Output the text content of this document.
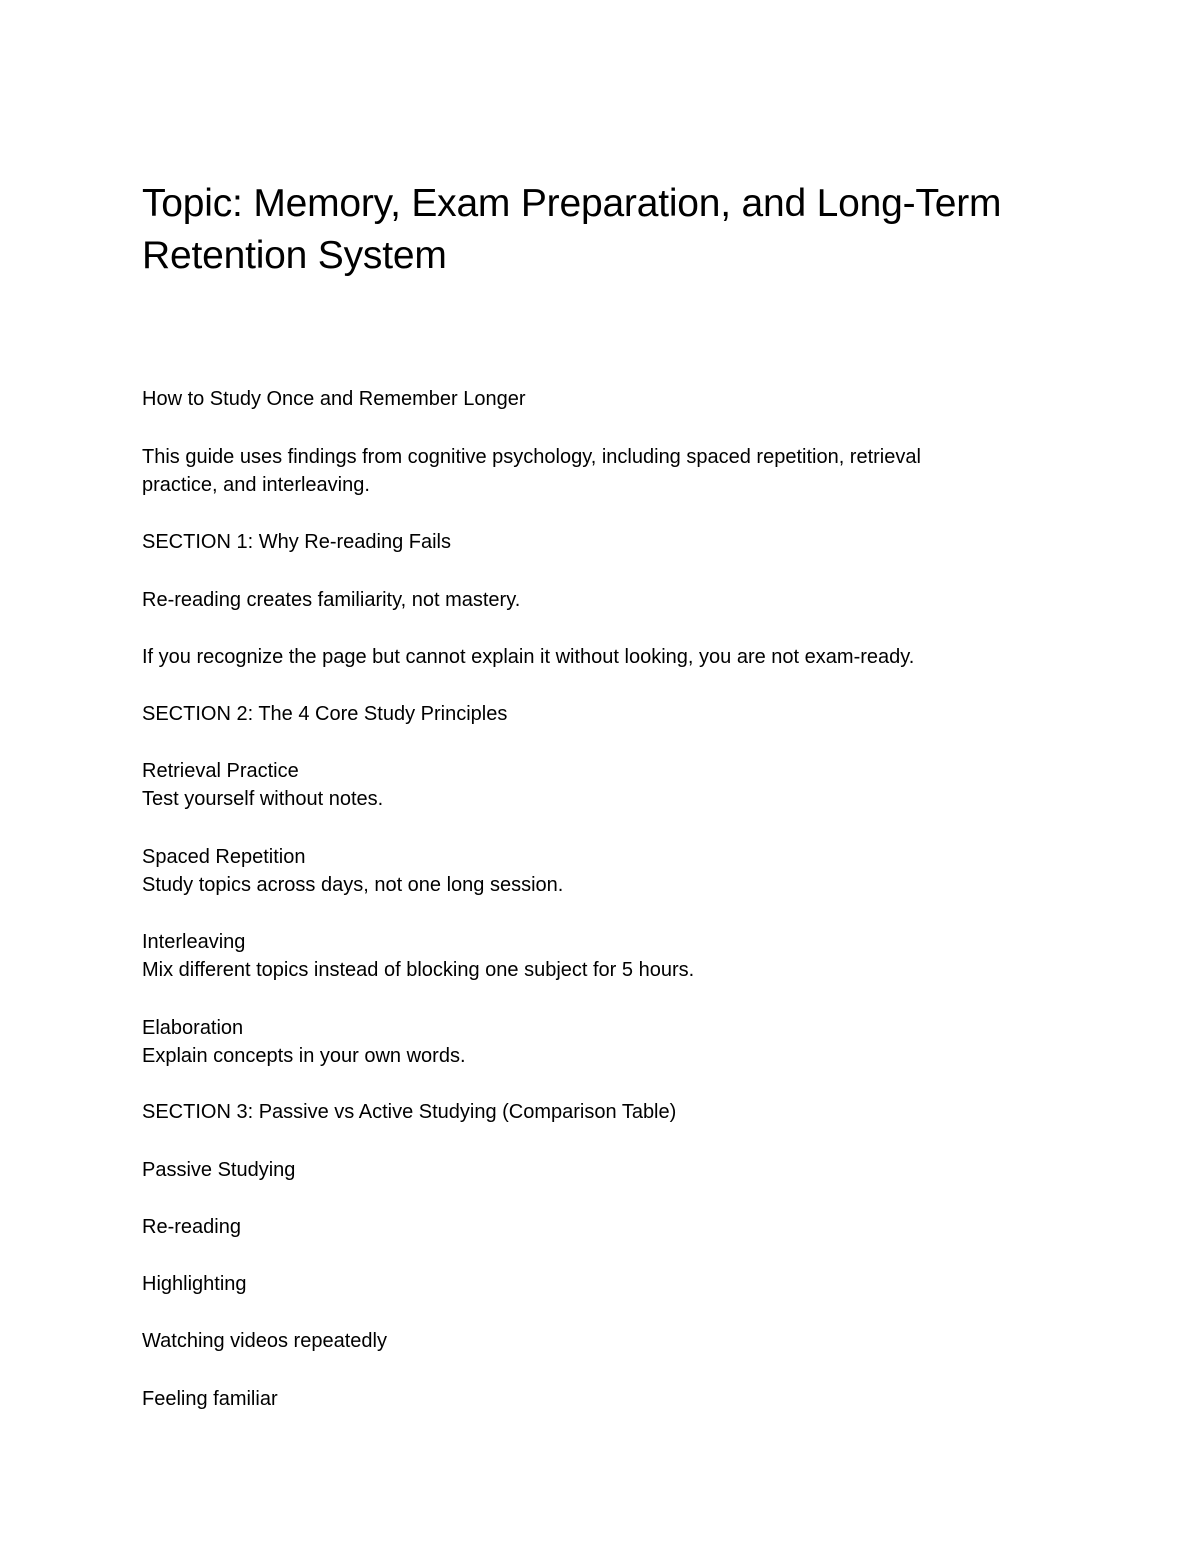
Topic: Memory, Exam Preparation, and Long-Term Retention System

How to Study Once and Remember Longer

This guide uses findings from cognitive psychology, including spaced repetition, retrieval

practice, and interleaving.

SECTION 1: Why Re-reading Fails

Re-reading creates familiarity, not mastery.

If you recognize the page but cannot explain it without looking, you are not exam-ready.

SECTION 2: The 4 Core Study Principles

Retrieval Practice

Test yourself without notes.

Spaced Repetition

Study topics across days, not one long session.

Interleaving

Mix different topics instead of blocking one subject for 5 hours.

Elaboration

Explain concepts in your own words.

SECTION 3: Passive vs Active Studying (Comparison Table)

Passive Studying

Re-reading

Highlighting

Watching videos repeatedly

Feeling familiar
